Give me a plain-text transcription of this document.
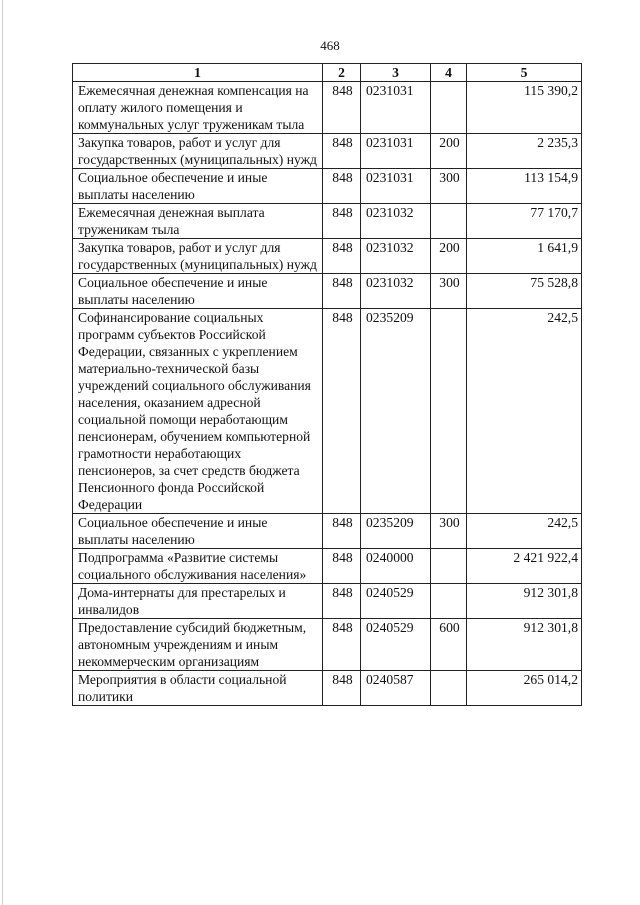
468
1	2	3	4	5
Ежемесячная денежная компенсация на оплату жилого помещения и коммунальных услуг труженикам тыла	848	0231031		115 390,2
Закупка товаров, работ и услуг для государственных (муниципальных) нужд	848	0231031	200	2 235,3
Социальное обеспечение и иные выплаты населению	848	0231031	300	113 154,9
Ежемесячная денежная выплата труженикам тыла	848	0231032		77 170,7
Закупка товаров, работ и услуг для государственных (муниципальных) нужд	848	0231032	200	1 641,9
Социальное обеспечение и иные выплаты населению	848	0231032	300	75 528,8
Софинансирование социальных программ субъектов Российской Федерации, связанных с укреплением материально-технической базы учреждений социального обслуживания населения, оказанием адресной социальной помощи неработающим пенсионерам, обучением компьютерной грамотности неработающих пенсионеров, за счет средств бюджета Пенсионного фонда Российской Федерации	848	0235209		242,5
Социальное обеспечение и иные выплаты населению	848	0235209	300	242,5
Подпрограмма «Развитие системы социального обслуживания населения»	848	0240000		2 421 922,4
Дома-интернаты для престарелых и инвалидов	848	0240529		912 301,8
Предоставление субсидий бюджетным, автономным учреждениям и иным некоммерческим организациям	848	0240529	600	912 301,8
Мероприятия в области социальной политики	848	0240587		265 014,2
